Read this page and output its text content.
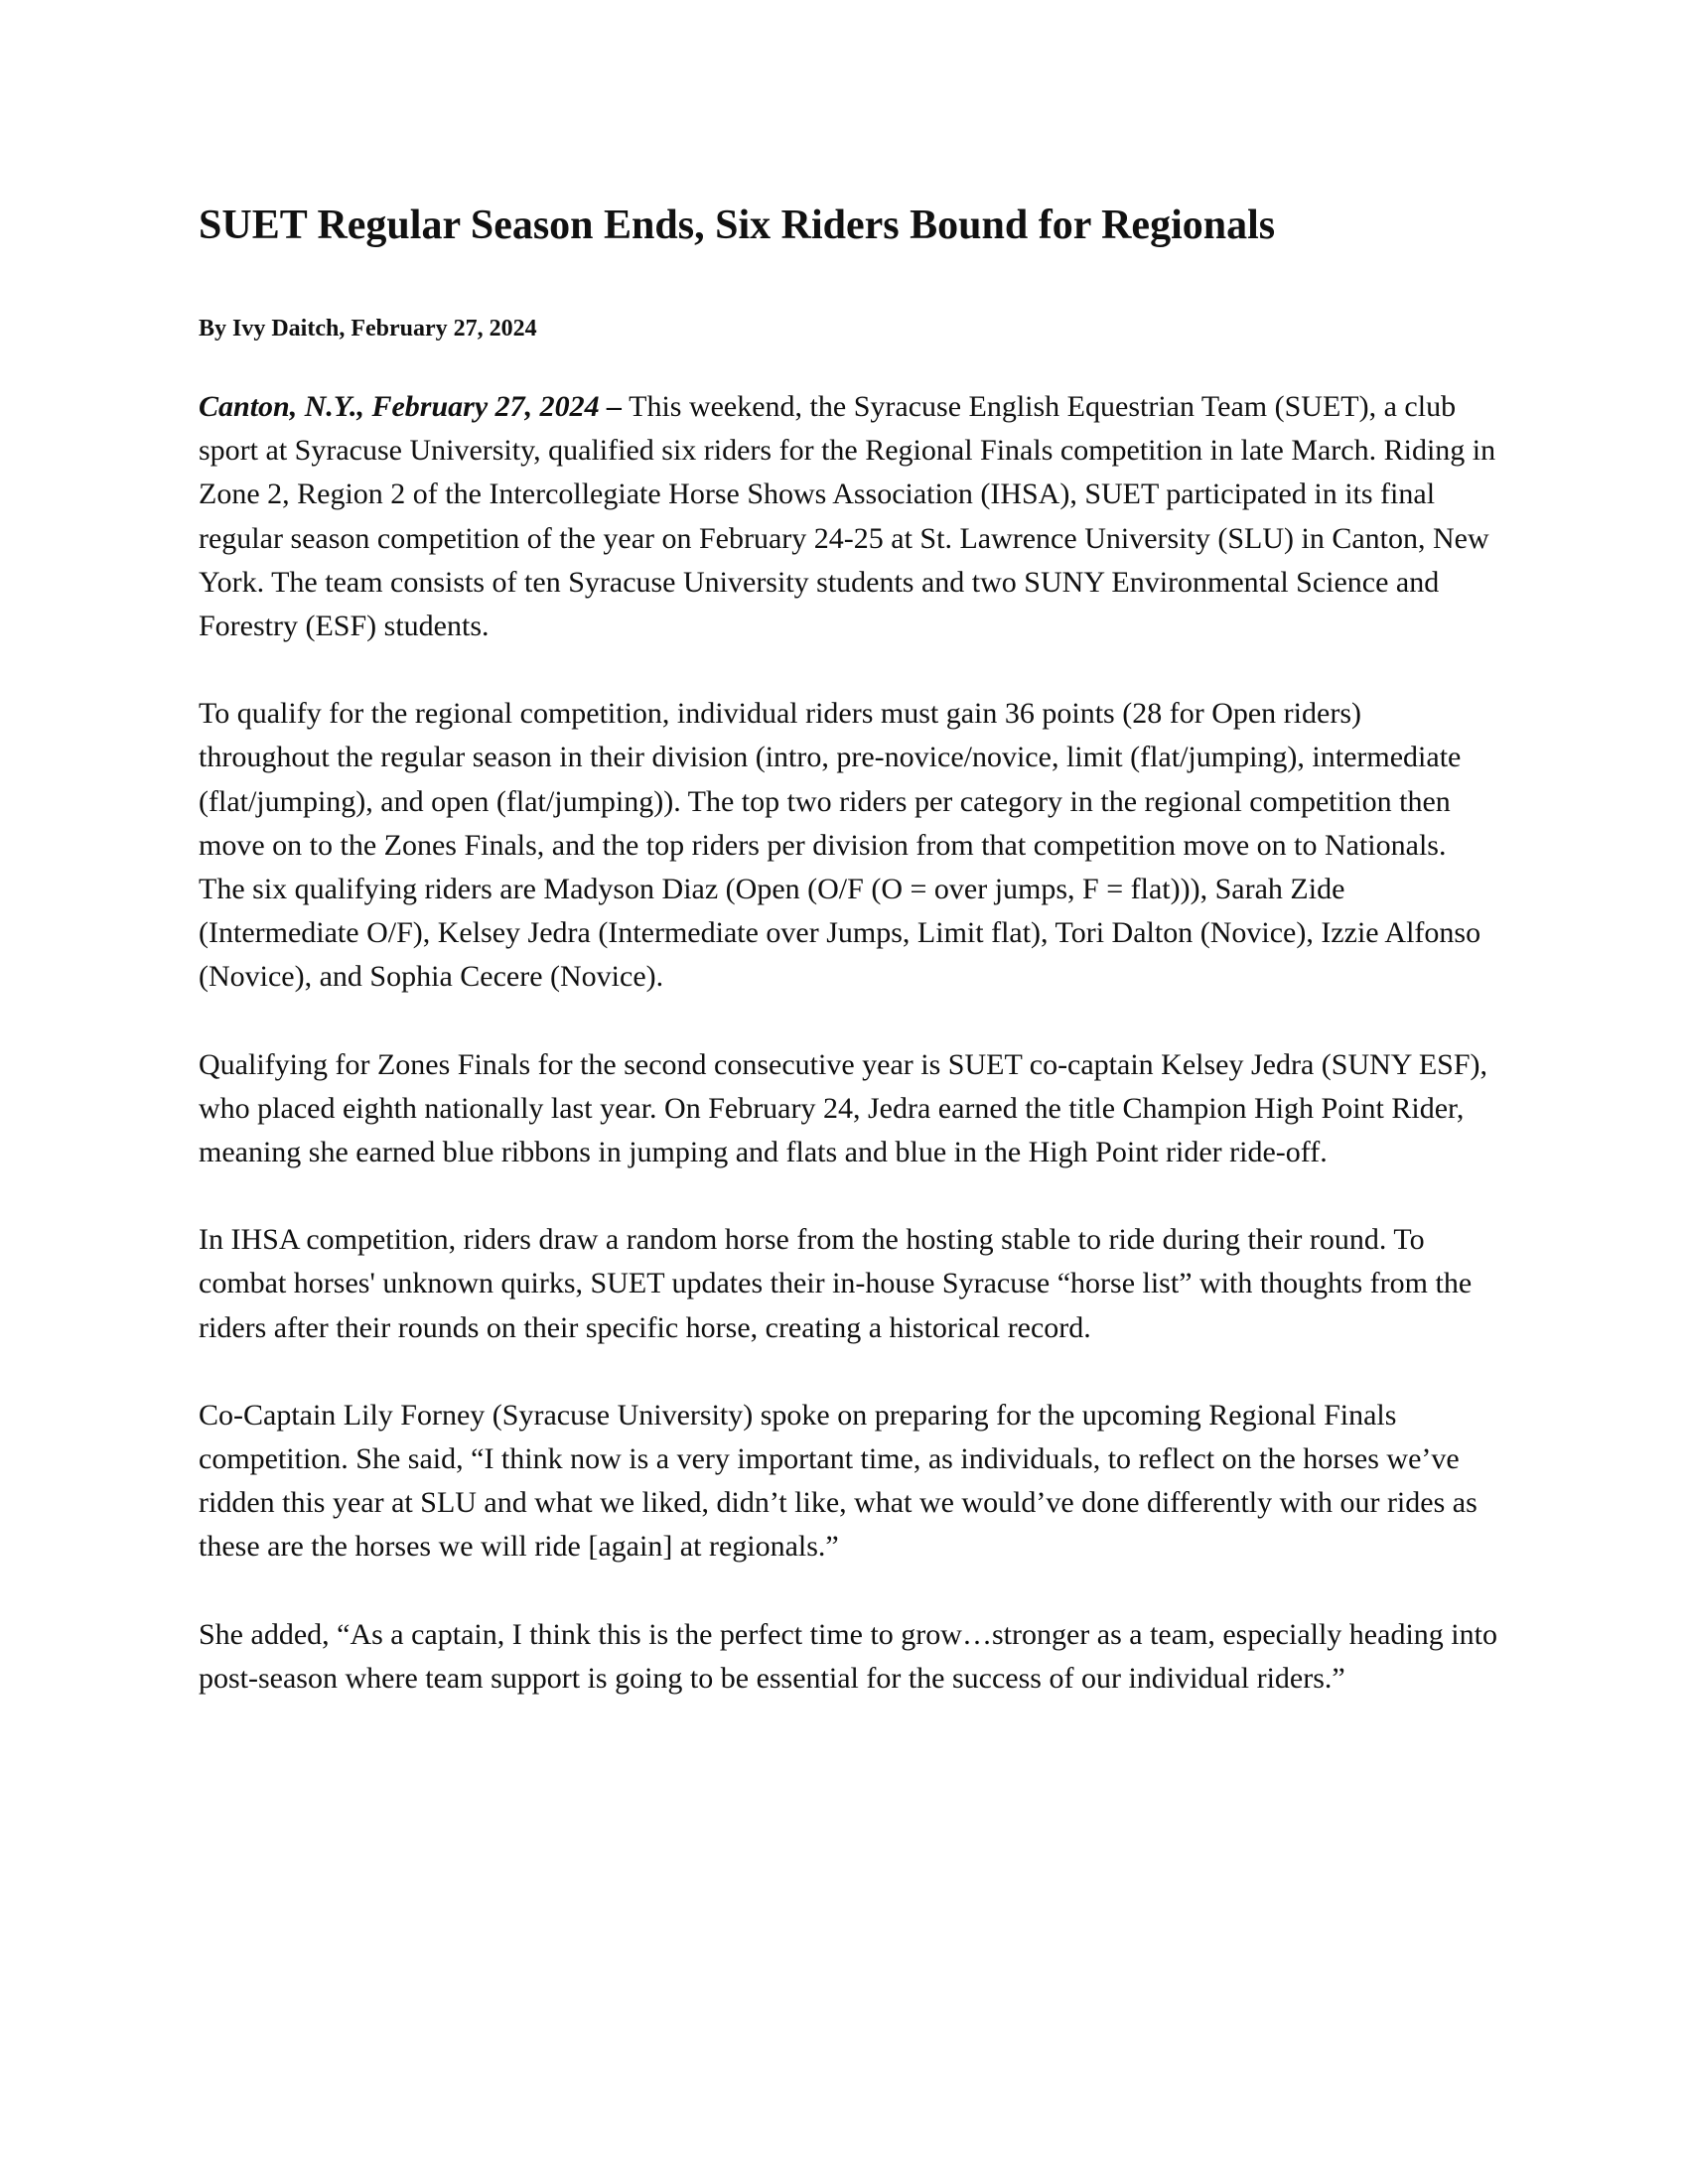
SUET Regular Season Ends, Six Riders Bound for Regionals

By Ivy Daitch, February 27, 2024

Canton, N.Y., February 27, 2024 – This weekend, the Syracuse English Equestrian Team (SUET), a club sport at Syracuse University, qualified six riders for the Regional Finals competition in late March. Riding in Zone 2, Region 2 of the Intercollegiate Horse Shows Association (IHSA), SUET participated in its final regular season competition of the year on February 24-25 at St. Lawrence University (SLU) in Canton, New York. The team consists of ten Syracuse University students and two SUNY Environmental Science and Forestry (ESF) students.

To qualify for the regional competition, individual riders must gain 36 points (28 for Open riders) throughout the regular season in their division (intro, pre-novice/novice, limit (flat/jumping), intermediate (flat/jumping), and open (flat/jumping)). The top two riders per category in the regional competition then move on to the Zones Finals, and the top riders per division from that competition move on to Nationals. The six qualifying riders are Madyson Diaz (Open (O/F (O = over jumps, F = flat))), Sarah Zide (Intermediate O/F), Kelsey Jedra (Intermediate over Jumps, Limit flat), Tori Dalton (Novice), Izzie Alfonso (Novice), and Sophia Cecere (Novice).

Qualifying for Zones Finals for the second consecutive year is SUET co-captain Kelsey Jedra (SUNY ESF), who placed eighth nationally last year. On February 24, Jedra earned the title Champion High Point Rider, meaning she earned blue ribbons in jumping and flats and blue in the High Point rider ride-off.

In IHSA competition, riders draw a random horse from the hosting stable to ride during their round. To combat horses' unknown quirks, SUET updates their in-house Syracuse “horse list” with thoughts from the riders after their rounds on their specific horse, creating a historical record.

Co-Captain Lily Forney (Syracuse University) spoke on preparing for the upcoming Regional Finals competition. She said, “I think now is a very important time, as individuals, to reflect on the horses we’ve ridden this year at SLU and what we liked, didn’t like, what we would’ve done differently with our rides as these are the horses we will ride [again] at regionals.”

She added, “As a captain, I think this is the perfect time to grow…stronger as a team, especially heading into post-season where team support is going to be essential for the success of our individual riders.”
